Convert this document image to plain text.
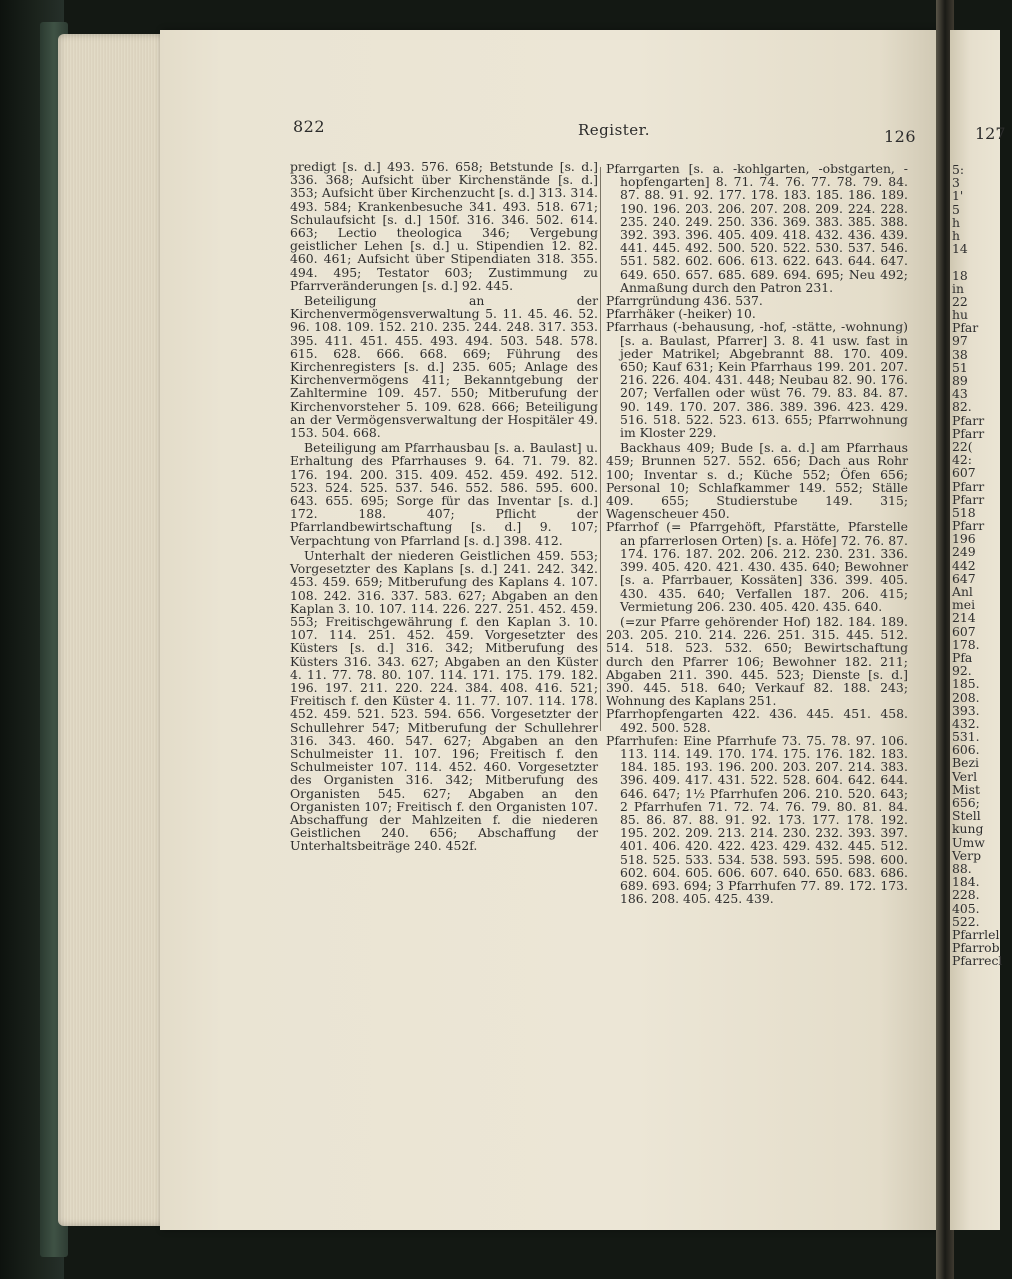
822	Register.	126

predigt [s. d.] 493. 576. 658; Betstunde [s. d.] 336. 368; Aufsicht über Kirchenstände [s. d.] 353; Aufsicht über Kirchenzucht [s. d.] 313. 314. 493. 584; Krankenbesuche 341. 493. 518. 671; Schulaufsicht [s. d.] 150f. 316. 346. 502. 614. 663; Lectio theologica 346; Vergebung geistlicher Lehen [s. d.] u. Stipendien 12. 82. 460. 461; Aufsicht über Stipendiaten 318. 355. 494. 495; Testator 603; Zustimmung zu Pfarrveränderungen [s. d.] 92. 445.

Beteiligung an der Kirchenvermögensverwaltung 5. 11. 45. 46. 52. 96. 108. 109. 152. 210. 235. 244. 248. 317. 353. 395. 411. 451. 455. 493. 494. 503. 548. 578. 615. 628. 666. 668. 669; Führung des Kirchenregisters [s. d.] 235. 605; Anlage des Kirchenvermögens 411; Bekanntgebung der Zahltermine 109. 457. 550; Mitberufung der Kirchenvorsteher 5. 109. 628. 666; Beteiligung an der Vermögensverwaltung der Hospitäler 49. 153. 504. 668.

Beteiligung am Pfarrhausbau [s. a. Baulast] u. Erhaltung des Pfarrhauses 9. 64. 71. 79. 82. 176. 194. 200. 315. 409. 452. 459. 492. 512. 523. 524. 525. 537. 546. 552. 586. 595. 600. 643. 655. 695; Sorge für das Inventar [s. d.] 172. 188. 407; Pflicht der Pfarrlandbewirtschaftung [s. d.] 9. 107; Verpachtung von Pfarrland [s. d.] 398. 412.

Unterhalt der niederen Geistlichen 459. 553; Vorgesetzter des Kaplans [s. d.] 241. 242. 342. 453. 459. 659; Mitberufung des Kaplans 4. 107. 108. 242. 316. 337. 583. 627; Abgaben an den Kaplan 3. 10. 107. 114. 226. 227. 251. 452. 459. 553; Freitischgewährung f. den Kaplan 3. 10. 107. 114. 251. 452. 459. Vorgesetzter des Küsters [s. d.] 316. 342; Mitberufung des Küsters 316. 343. 627; Abgaben an den Küster 4. 11. 77. 78. 80. 107. 114. 171. 175. 179. 182. 196. 197. 211. 220. 224. 384. 408. 416. 521; Freitisch f. den Küster 4. 11. 77. 107. 114. 178. 452. 459. 521. 523. 594. 656. Vorgesetzter der Schullehrer 547; Mitberufung der Schullehrer 316. 343. 460. 547. 627; Abgaben an den Schulmeister 11. 107. 196; Freitisch f. den Schulmeister 107. 114. 452. 460. Vorgesetzter des Organisten 316. 342; Mitberufung des Organisten 545. 627; Abgaben an den Organisten 107; Freitisch f. den Organisten 107. Abschaffung der Mahlzeiten f. die niederen Geistlichen 240. 656; Abschaffung der Unterhaltsbeiträge 240. 452f.

Pfarrgarten [s. a. -kohlgarten, -obstgarten, -hopfengarten] 8. 71. 74. 76. 77. 78. 79. 84. 87. 88. 91. 92. 177. 178. 183. 185. 186. 189. 190. 196. 203. 206. 207. 208. 209. 224. 228. 235. 240. 249. 250. 336. 369. 383. 385. 388. 392. 393. 396. 405. 409. 418. 432. 436. 439. 441. 445. 492. 500. 520. 522. 530. 537. 546. 551. 582. 602. 606. 613. 622. 643. 644. 647. 649. 650. 657. 685. 689. 694. 695; Neu 492; Anmaßung durch den Patron 231.

Pfarrgründung 436. 537.

Pfarrhäker (-heiker) 10.

Pfarrhaus (-behausung, -hof, -stätte, -wohnung) [s. a. Baulast, Pfarrer] 3. 8. 41 usw. fast in jeder Matrikel; Abgebrannt 88. 170. 409. 650; Kauf 631; Kein Pfarrhaus 199. 201. 207. 216. 226. 404. 431. 448; Neubau 82. 90. 176. 207; Verfallen oder wüst 76. 79. 83. 84. 87. 90. 149. 170. 207. 386. 389. 396. 423. 429. 516. 518. 522. 523. 613. 655; Pfarrwohnung im Kloster 229.

Backhaus 409; Bude [s. a. d.] am Pfarrhaus 459; Brunnen 527. 552. 656; Dach aus Rohr 100; Inventar s. d.; Küche 552; Öfen 656; Personal 10; Schlafkammer 149. 552; Ställe 409. 655; Studierstube 149. 315; Wagenscheuer 450.

Pfarrhof (= Pfarrgehöft, Pfarstätte, Pfarstelle an pfarrerlosen Orten) [s. a. Höfe] 72. 76. 87. 174. 176. 187. 202. 206. 212. 230. 231. 336. 399. 405. 420. 421. 430. 435. 640; Bewohner [s. a. Pfarrbauer, Kossäten] 336. 399. 405. 430. 435. 640; Verfallen 187. 206. 415; Vermietung 206. 230. 405. 420. 435. 640.

(=zur Pfarre gehörender Hof) 182. 184. 189. 203. 205. 210. 214. 226. 251. 315. 445. 512. 514. 518. 523. 532. 650; Bewirtschaftung durch den Pfarrer 106; Bewohner 182. 211; Abgaben 211. 390. 445. 523; Dienste [s. d.] 390. 445. 518. 640; Verkauf 82. 188. 243; Wohnung des Kaplans 251.

Pfarrhopfengarten 422. 436. 445. 451. 458. 492. 500. 528.

Pfarrhufen: Eine Pfarrhufe 73. 75. 78. 97. 106. 113. 114. 149. 170. 174. 175. 176. 182. 183. 184. 185. 193. 196. 200. 203. 207. 214. 383. 396. 409. 417. 431. 522. 528. 604. 642. 644. 646. 647; 1½ Pfarrhufen 206. 210. 520. 643; 2 Pfarrhufen 71. 72. 74. 76. 79. 80. 81. 84. 85. 86. 87. 88. 91. 92. 173. 177. 178. 192. 195. 202. 209. 213. 214. 230. 232. 393. 397. 401. 406. 420. 422. 423. 429. 432. 445. 512. 518. 525. 533. 534. 538. 593. 595. 598. 600. 602. 604. 605. 606. 607. 640. 650. 683. 686. 689. 693. 694; 3 Pfarrhufen 77. 89. 172. 173. 186. 208. 405. 425. 439.

127
5:
3
1'
5
h
h
14
18
in
22
hu
Pfar
97
38
51
89
43
82.
Pfarr
Pfarr
22(
42:
607
Pfarr
Pfarr
518
Pfarr
196
249
442
647
Anl
mei
214
607
178.
Pfa
92.
185.
208.
393.
432.
531.
606.
Bezi
Verl
Mist
656;
Stell
kung
Umw
Verp
88.
184.
228.
405.
522.
Pfarrlel
Pfarrob
Pfarrecl
